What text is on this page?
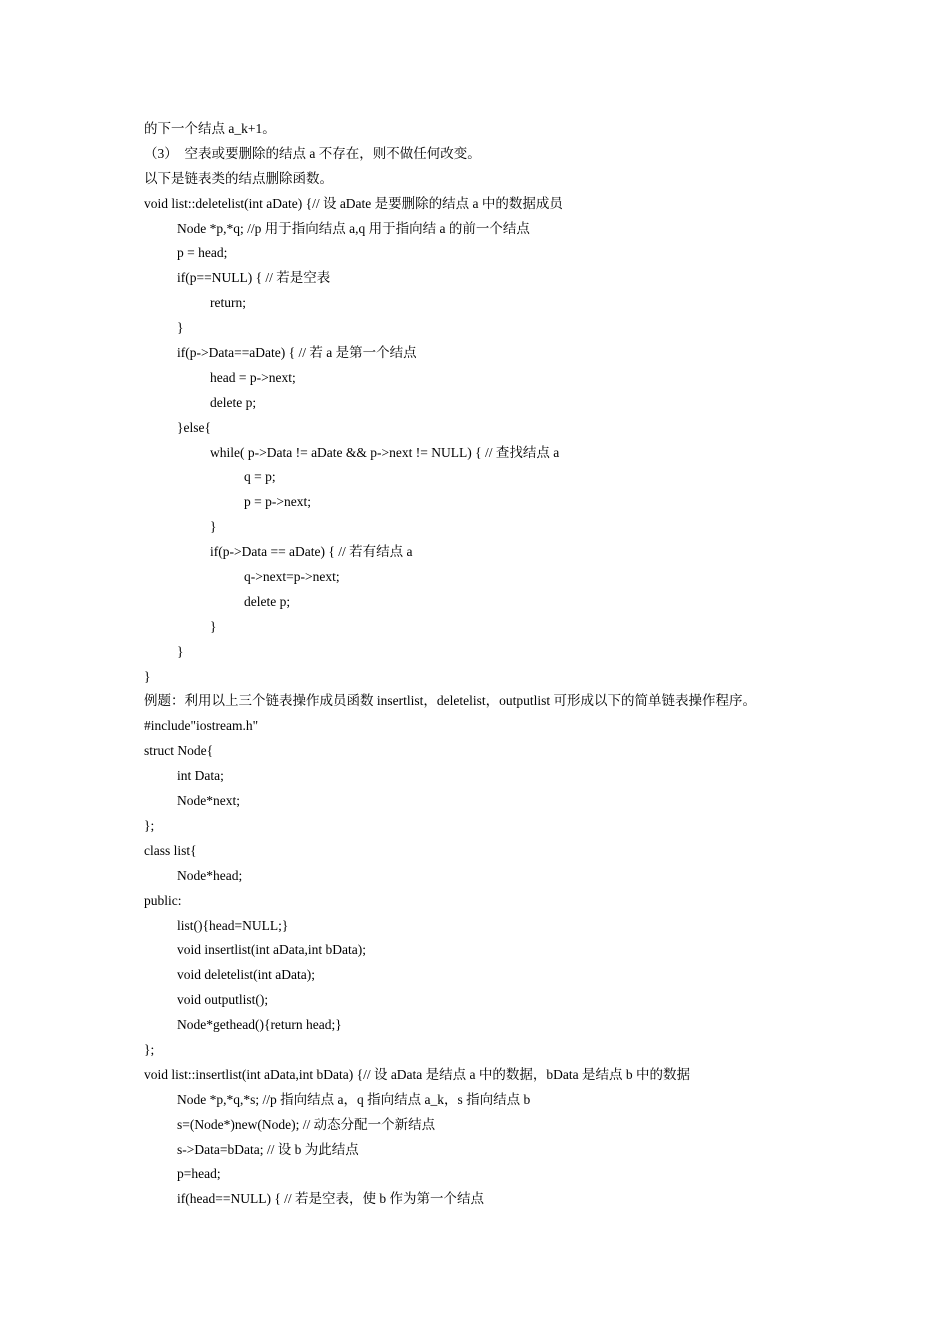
的下一个结点 a_k+1。
（3）  空表或要删除的结点 a 不存在，则不做任何改变。
以下是链表类的结点删除函数。
void list::deletelist(int aDate) {// 设 aDate 是要删除的结点 a 中的数据成员
Node *p,*q; //p 用于指向结点 a,q 用于指向结 a 的前一个结点
p = head;
if(p==NULL) { // 若是空表
return;
}
if(p->Data==aDate) { // 若 a 是第一个结点
head = p->next;
delete p;
}else{
while( p->Data != aDate && p->next != NULL) { // 查找结点 a
q = p;
p = p->next;
}
if(p->Data == aDate) { // 若有结点 a
q->next=p->next;
delete p;
}
}
}
例题：利用以上三个链表操作成员函数 insertlist，deletelist，outputlist 可形成以下的简单链表操作程序。
#include"iostream.h"
struct Node{
int Data;
Node*next;
};
class list{
Node*head;
public:
list(){head=NULL;}
void insertlist(int aData,int bData);
void deletelist(int aData);
void outputlist();
Node*gethead(){return head;}
};
void list::insertlist(int aData,int bData) {// 设 aData 是结点 a 中的数据，bData 是结点 b 中的数据
Node *p,*q,*s; //p 指向结点 a，q 指向结点 a_k，s 指向结点 b
s=(Node*)new(Node); // 动态分配一个新结点
s->Data=bData; // 设 b 为此结点
p=head;
if(head==NULL) { // 若是空表，使 b 作为第一个结点
